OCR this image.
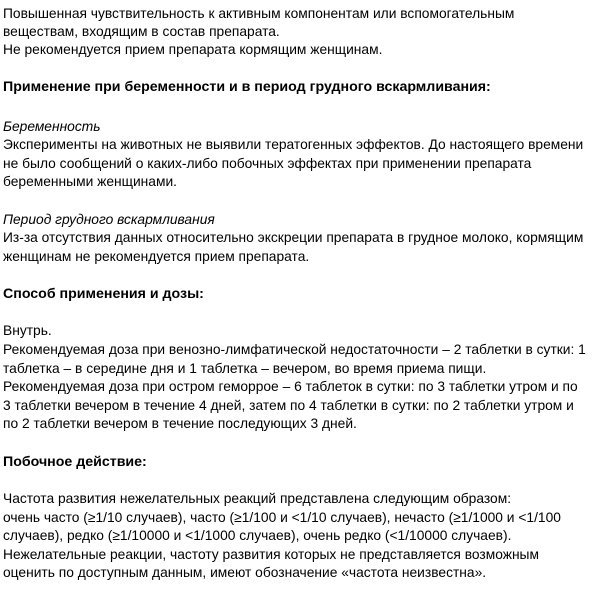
Повышенная чувствительность к активным компонентам или вспомогательным
веществам, входящим в состав препарата.
Не рекомендуется прием препарата кормящим женщинам.
Применение при беременности и в период грудного вскармливания:
Беременность
Эксперименты на животных не выявили тератогенных эффектов. До настоящего времени
не было сообщений о каких-либо побочных эффектах при применении препарата
беременными женщинами.
Период грудного вскармливания
Из-за отсутствия данных относительно экскреции препарата в грудное молоко, кормящим
женщинам не рекомендуется прием препарата.
Способ применения и дозы:
Внутрь.
Рекомендуемая доза при венозно-лимфатической недостаточности – 2 таблетки в сутки: 1
таблетка – в середине дня и 1 таблетка – вечером, во время приема пищи.
Рекомендуемая доза при остром геморрое – 6 таблеток в сутки: по 3 таблетки утром и по
3 таблетки вечером в течение 4 дней, затем по 4 таблетки в сутки: по 2 таблетки утром и
по 2 таблетки вечером в течение последующих 3 дней.
Побочное действие:
Частота развития нежелательных реакций представлена следующим образом:
очень часто (≥1/10 случаев), часто (≥1/100 и <1/10 случаев), нечасто (≥1/1000 и <1/100
случаев), редко (≥1/10000 и <1/1000 случаев), очень редко (<1/10000 случаев).
Нежелательные реакции, частоту развития которых не представляется возможным
оценить по доступным данным, имеют обозначение «частота неизвестна».
